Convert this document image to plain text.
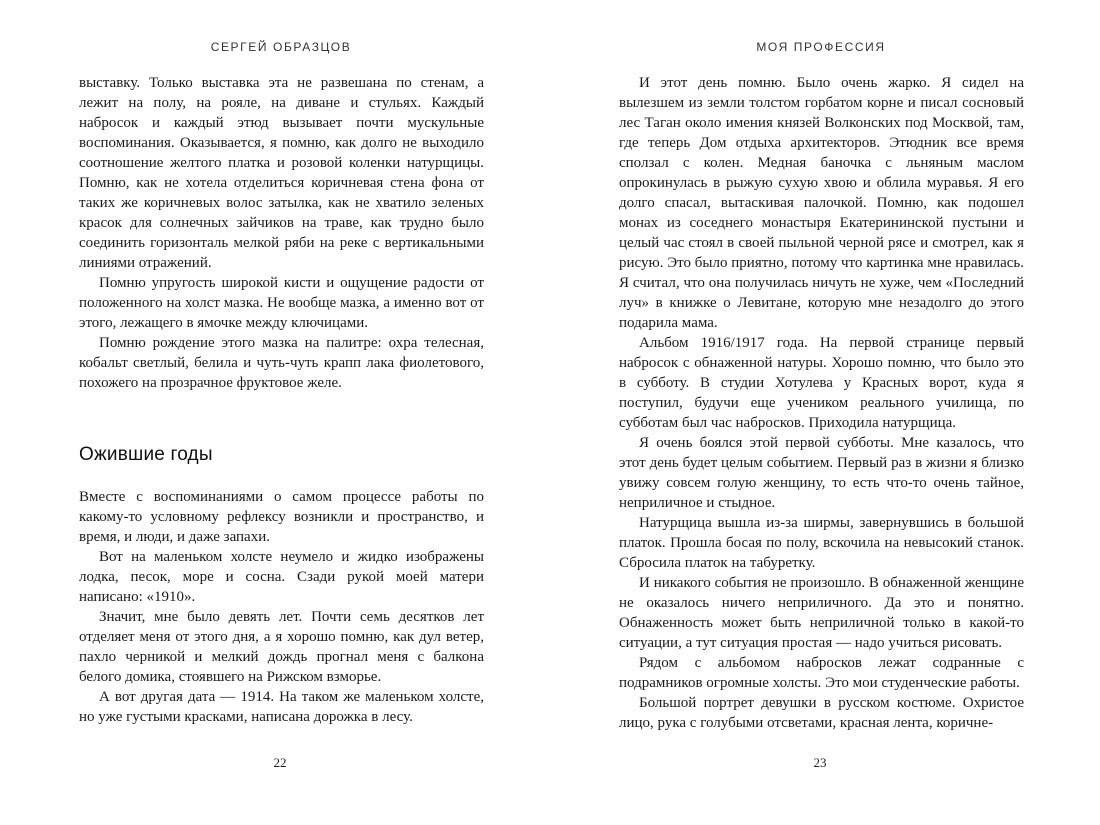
СЕРГЕЙ ОБРАЗЦОВ

выставку. Только выставка эта не развешана по стенам, а лежит на полу, на рояле, на диване и стульях. Каждый набросок и каждый этюд вызывает почти мускульные воспоминания. Оказывается, я помню, как долго не выходило соотношение желтого платка и розовой коленки натурщицы. Помню, как не хотела отделиться коричневая стена фона от таких же коричневых волос затылка, как не хватило зеленых красок для солнечных зайчиков на траве, как трудно было соединить горизонталь мелкой ряби на реке с вертикальными линиями отражений.

Помню упругость широкой кисти и ощущение радости от положенного на холст мазка. Не вообще мазка, а именно вот от этого, лежащего в ямочке между ключицами.

Помню рождение этого мазка на палитре: охра телесная, кобальт светлый, белила и чуть-чуть крапп лака фиолетового, похожего на прозрачное фруктовое желе.

Ожившие годы

Вместе с воспоминаниями о самом процессе работы по какому-то условному рефлексу возникли и пространство, и время, и люди, и даже запахи.

Вот на маленьком холсте неумело и жидко изображены лодка, песок, море и сосна. Сзади рукой моей матери написано: «1910».

Значит, мне было девять лет. Почти семь десятков лет отделяет меня от этого дня, а я хорошо помню, как дул ветер, пахло черникой и мелкий дождь прогнал меня с балкона белого домика, стоявшего на Рижском взморье.

А вот другая дата — 1914. На таком же маленьком холсте, но уже густыми красками, написана дорожка в лесу.

22
МОЯ ПРОФЕССИЯ

И этот день помню. Было очень жарко. Я сидел на вылезшем из земли толстом горбатом корне и писал сосновый лес Таган около имения князей Волконских под Москвой, там, где теперь Дом отдыха архитекторов. Этюдник все время сползал с колен. Медная баночка с льняным маслом опрокинулась в рыжую сухую хвою и облила муравья. Я его долго спасал, вытаскивая палочкой. Помню, как подошел монах из соседнего монастыря Екатерининской пустыни и целый час стоял в своей пыльной черной рясе и смотрел, как я рисую. Это было приятно, потому что картинка мне нравилась. Я считал, что она получилась ничуть не хуже, чем «Последний луч» в книжке о Левитане, которую мне незадолго до этого подарила мама.

Альбом 1916/1917 года. На первой странице первый набросок с обнаженной натуры. Хорошо помню, что было это в субботу. В студии Хотулева у Красных ворот, куда я поступил, будучи еще учеником реального училища, по субботам был час набросков. Приходила натурщица.

Я очень боялся этой первой субботы. Мне казалось, что этот день будет целым событием. Первый раз в жизни я близко увижу совсем голую женщину, то есть что-то очень тайное, неприличное и стыдное.

Натурщица вышла из-за ширмы, завернувшись в большой платок. Прошла босая по полу, вскочила на невысокий станок. Сбросила платок на табуретку.

И никакого события не произошло. В обнаженной женщине не оказалось ничего неприличного. Да это и понятно. Обнаженность может быть неприличной только в какой-то ситуации, а тут ситуация простая — надо учиться рисовать.

Рядом с альбомом набросков лежат содранные с подрамников огромные холсты. Это мои студенческие работы.

Большой портрет девушки в русском костюме. Охристое лицо, рука с голубыми отсветами, красная лента, коричне-

23
